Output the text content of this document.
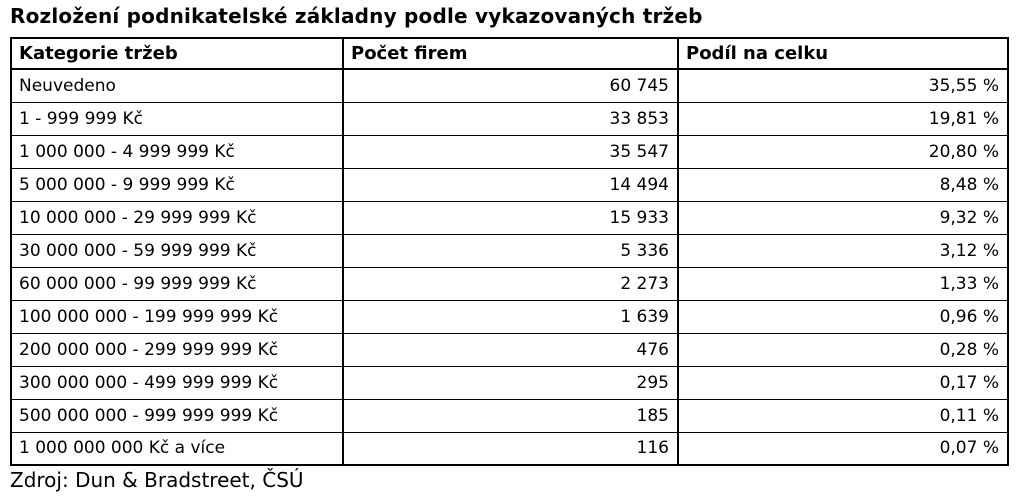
Rozložení podnikatelské základny podle vykazovaných tržeb
Kategorie tržeb	Počet firem	Podíl na celku
Neuvedeno	60 745	35,55 %
1 - 999 999 Kč	33 853	19,81 %
1 000 000 - 4 999 999 Kč	35 547	20,80 %
5 000 000 - 9 999 999 Kč	14 494	8,48 %
10 000 000 - 29 999 999 Kč	15 933	9,32 %
30 000 000 - 59 999 999 Kč	5 336	3,12 %
60 000 000 - 99 999 999 Kč	2 273	1,33 %
100 000 000 - 199 999 999 Kč	1 639	0,96 %
200 000 000 - 299 999 999 Kč	476	0,28 %
300 000 000 - 499 999 999 Kč	295	0,17 %
500 000 000 - 999 999 999 Kč	185	0,11 %
1 000 000 000 Kč a více	116	0,07 %
Zdroj: Dun & Bradstreet, ČSÚ
